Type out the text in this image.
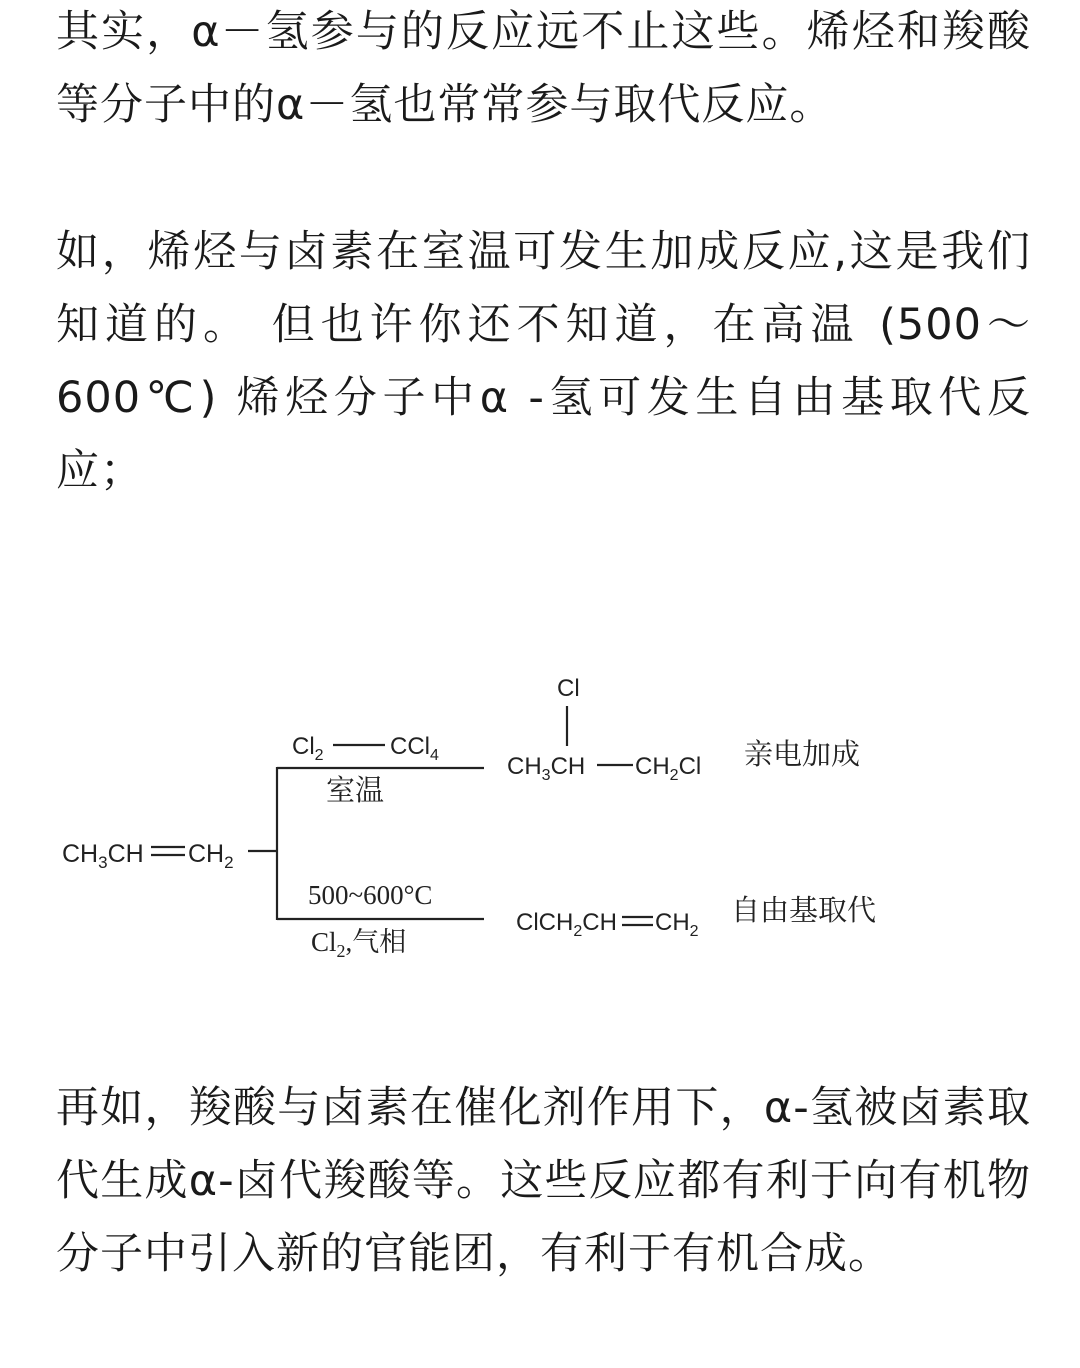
其实，α－氢参与的反应远不止这些。烯烃和羧酸等分子中的α－氢也常常参与取代反应。

如，烯烃与卤素在室温可发生加成反应,这是我们知道的。 但也许你还不知道，在高温 (500～600℃) 烯烃分子中α -氢可发生自由基取代反应；

$CH_3CH$ $CH_2$
$Cl_2$	CCl$_4$
室温
Cl
$CH_3CH$ $CH_2Cl$ 亲电加成
500~600°C
$Cl_2$,气相
ClCH$_2$CH $CH_2$
自由基取代

再如，羧酸与卤素在催化剂作用下，α-氢被卤素取代生成α-卤代羧酸等。这些反应都有利于向有机物分子中引入新的官能团，有利于有机合成。
